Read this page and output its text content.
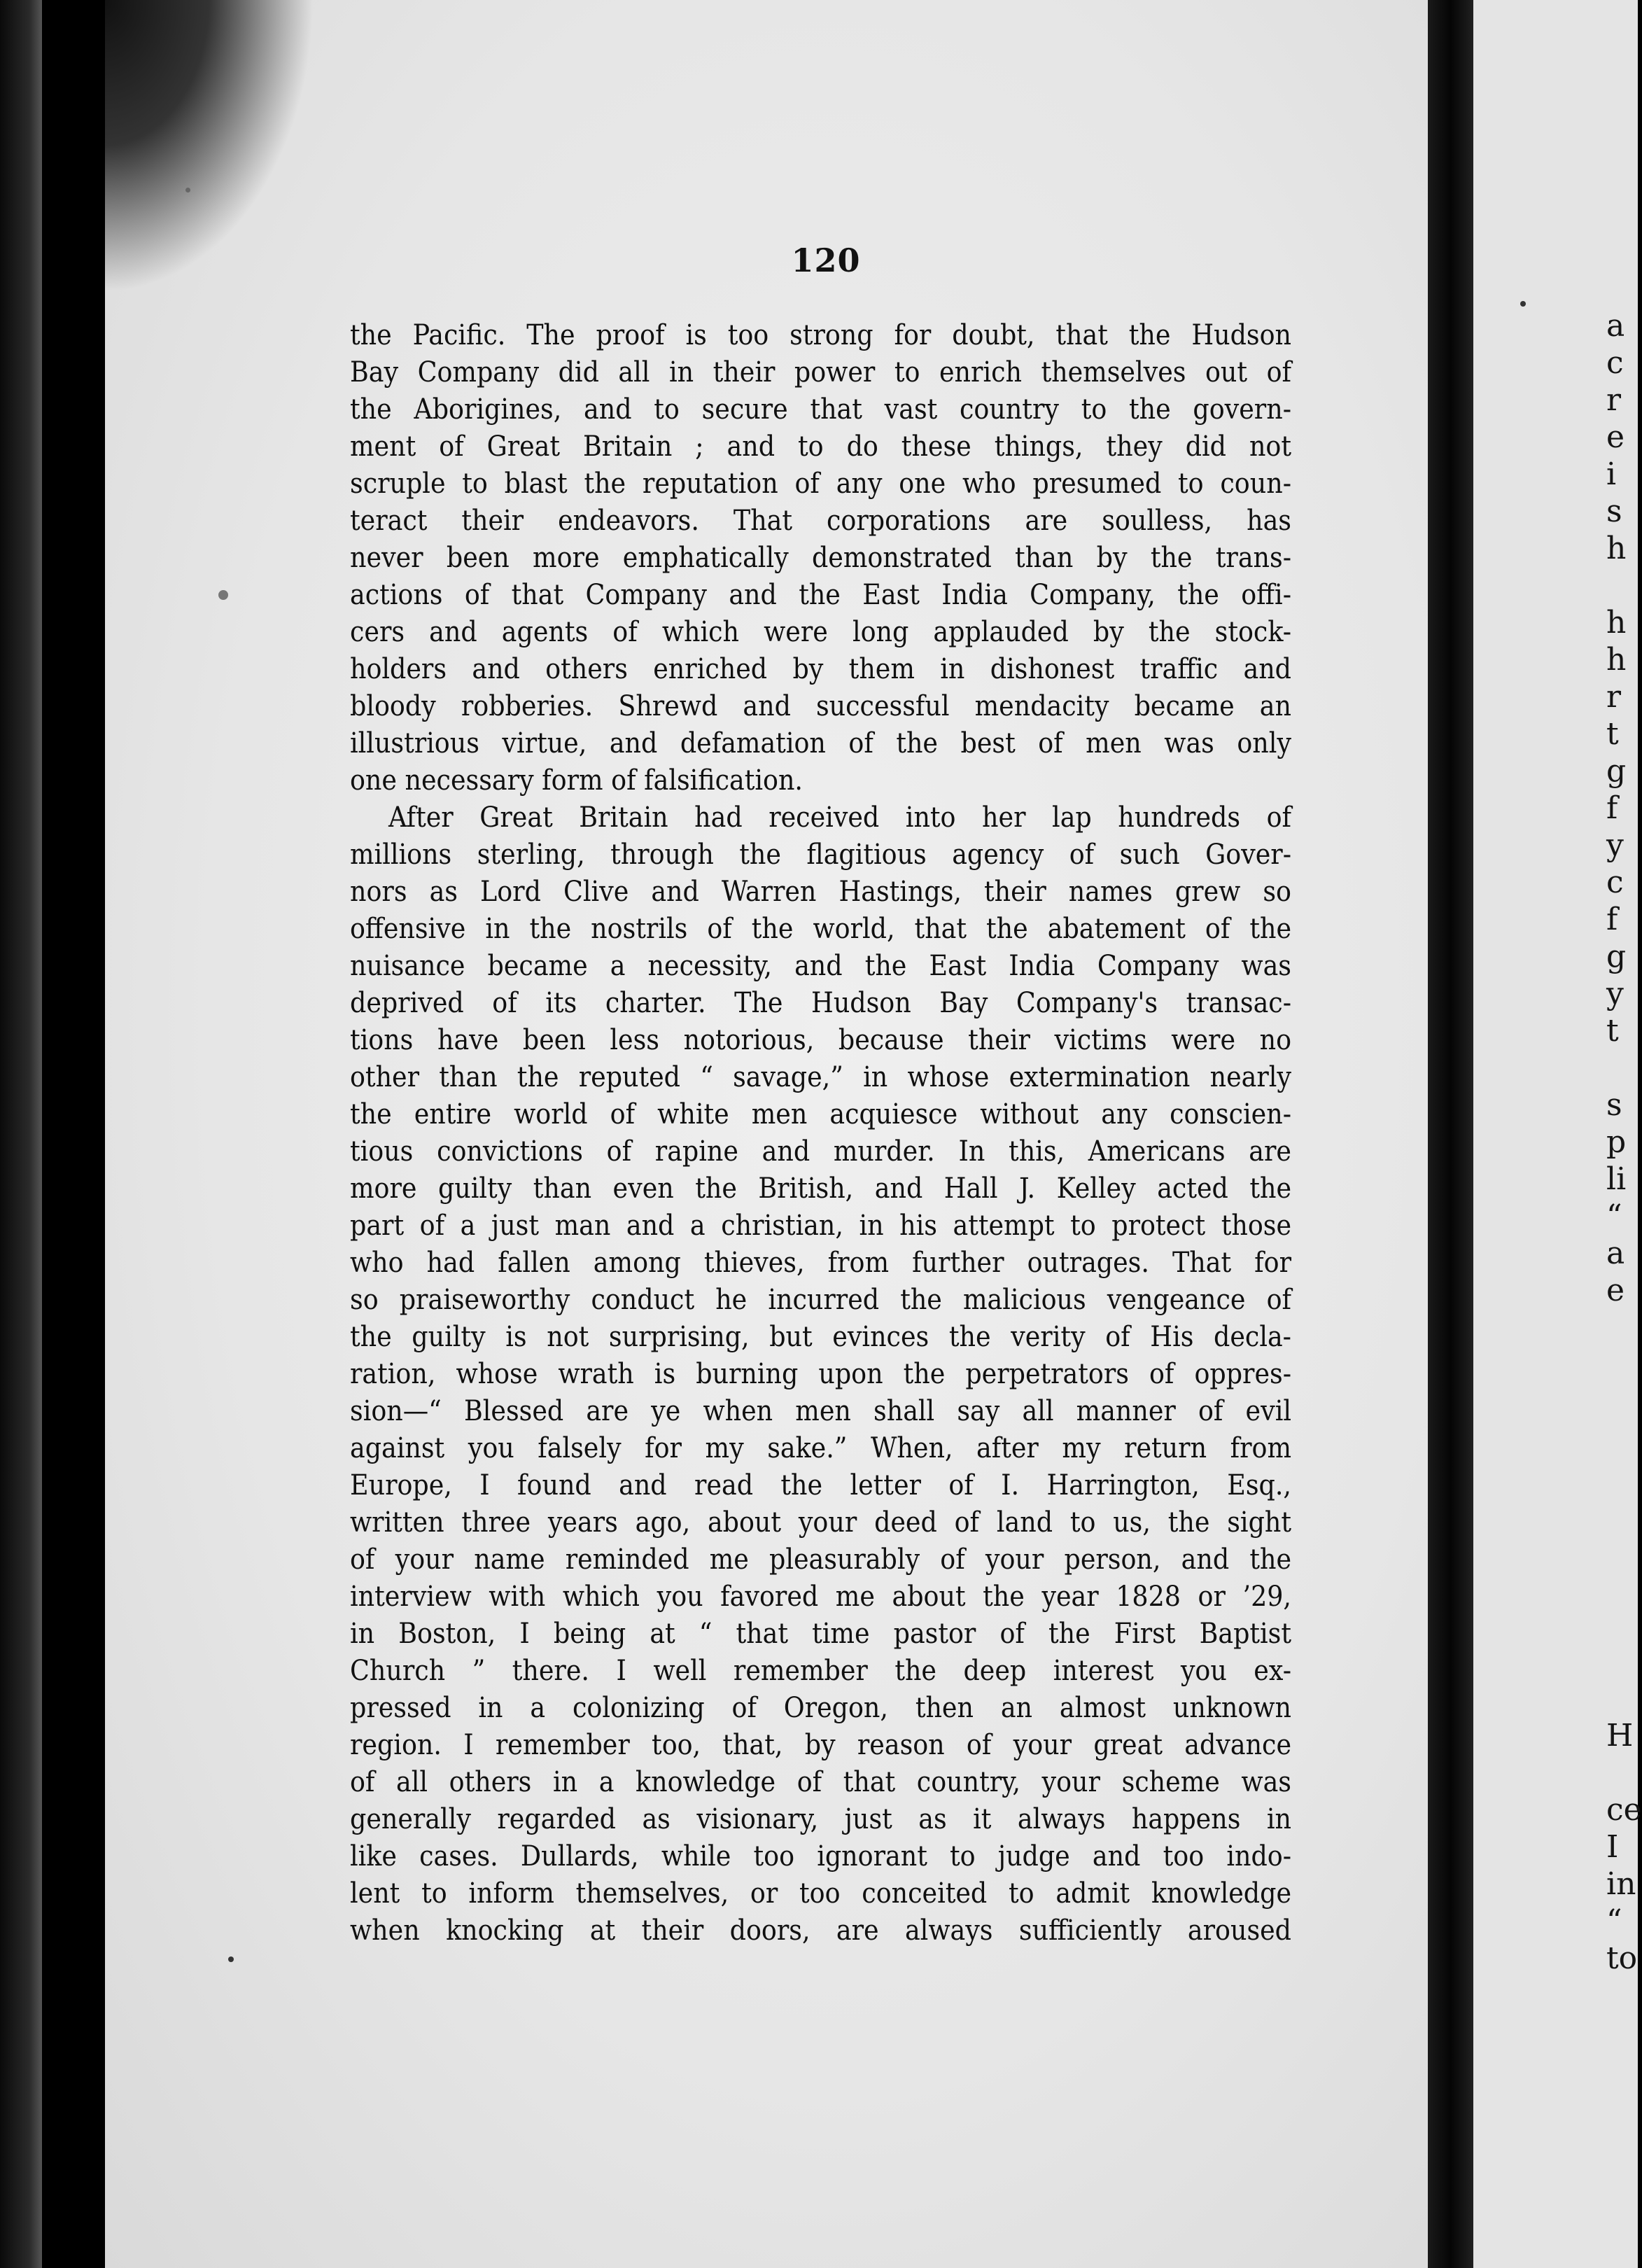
120
the Pacific. The proof is too strong for doubt, that the Hudson
Bay Company did all in their power to enrich themselves out of
the Aborigines, and to secure that vast country to the govern-
ment of Great Britain ; and to do these things, they did not
scruple to blast the reputation of any one who presumed to coun-
teract their endeavors. That corporations are soulless, has
never been more emphatically demonstrated than by the trans-
actions of that Company and the East India Company, the offi-
cers and agents of which were long applauded by the stock-
holders and others enriched by them in dishonest traffic and
bloody robberies. Shrewd and successful mendacity became an
illustrious virtue, and defamation of the best of men was only
one necessary form of falsification.
After Great Britain had received into her lap hundreds of
millions sterling, through the flagitious agency of such Gover-
nors as Lord Clive and Warren Hastings, their names grew so
offensive in the nostrils of the world, that the abatement of the
nuisance became a necessity, and the East India Company was
deprived of its charter. The Hudson Bay Company's transac-
tions have been less notorious, because their victims were no
other than the reputed “ savage,” in whose extermination nearly
the entire world of white men acquiesce without any conscien-
tious convictions of rapine and murder. In this, Americans are
more guilty than even the British, and Hall J. Kelley acted the
part of a just man and a christian, in his attempt to protect those
who had fallen among thieves, from further outrages. That for
so praiseworthy conduct he incurred the malicious vengeance of
the guilty is not surprising, but evinces the verity of His decla-
ration, whose wrath is burning upon the perpetrators of oppres-
sion—“ Blessed are ye when men shall say all manner of evil
against you falsely for my sake.” When, after my return from
Europe, I found and read the letter of I. Harrington, Esq.,
written three years ago, about your deed of land to us, the sight
of your name reminded me pleasurably of your person, and the
interview with which you favored me about the year 1828 or ’29,
in Boston, I being at “ that time pastor of the First Baptist
Church ” there. I well remember the deep interest you ex-
pressed in a colonizing of Oregon, then an almost unknown
region. I remember too, that, by reason of your great advance
of all others in a knowledge of that country, your scheme was
generally regarded as visionary, just as it always happens in
like cases. Dullards, while too ignorant to judge and too indo-
lent to inform themselves, or too conceited to admit knowledge
when knocking at their doors, are always sufficiently aroused
a
c
r
e
i
s
h
h
h
r
t
g
f
y
c
f
g
y
t
s
p
li
“
a
e
H
ce
I
in
“
to
